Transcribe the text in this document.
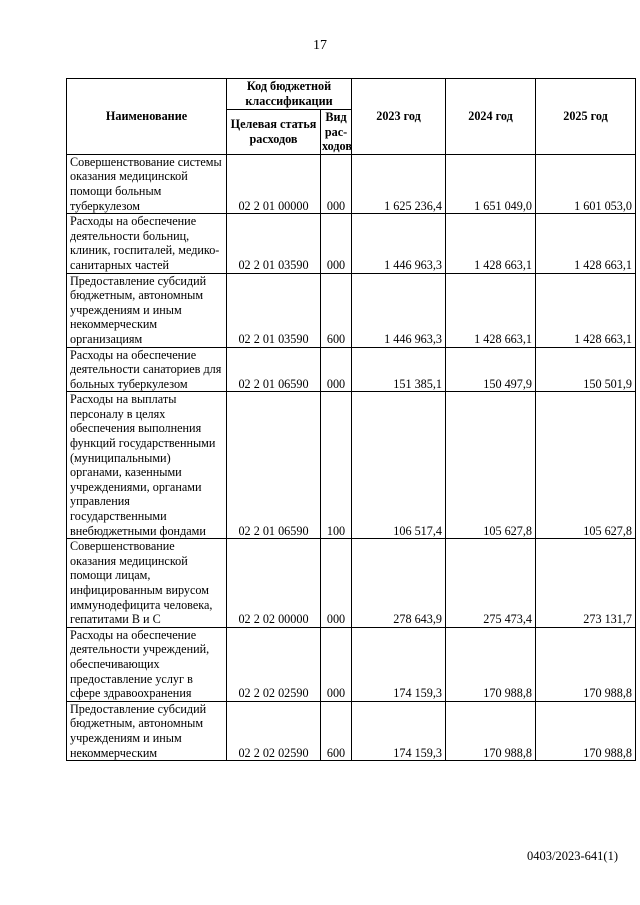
17
Наименование	Код бюджетной классификации		2023 год	2024 год	2025 год
	Целевая статья расходов	Вид рас-ходов			
Совершенствование системы оказания медицинской помощи больным туберкулезом	02 2 01 00000	000	1 625 236,4	1 651 049,0	1 601 053,0
Расходы на обеспечение деятельности больниц, клиник, госпиталей, медико-санитарных частей	02 2 01 03590	000	1 446 963,3	1 428 663,1	1 428 663,1
Предоставление субсидий бюджетным, автономным учреждениям и иным некоммерческим организациям	02 2 01 03590	600	1 446 963,3	1 428 663,1	1 428 663,1
Расходы на обеспечение деятельности санаториев для больных туберкулезом	02 2 01 06590	000	151 385,1	150 497,9	150 501,9
Расходы на выплаты персоналу в целях обеспечения выполнения функций государственными (муниципальными) органами, казенными учреждениями, органами управления государственными внебюджетными фондами	02 2 01 06590	100	106 517,4	105 627,8	105 627,8
Совершенствование оказания медицинской помощи лицам, инфицированным вирусом иммунодефицита человека, гепатитами В и С	02 2 02 00000	000	278 643,9	275 473,4	273 131,7
Расходы на обеспечение деятельности учреждений, обеспечивающих предоставление услуг в сфере здравоохранения	02 2 02 02590	000	174 159,3	170 988,8	170 988,8
Предоставление субсидий бюджетным, автономным учреждениям и иным некоммерческим	02 2 02 02590	600	174 159,3	170 988,8	170 988,8
0403/2023-641(1)
